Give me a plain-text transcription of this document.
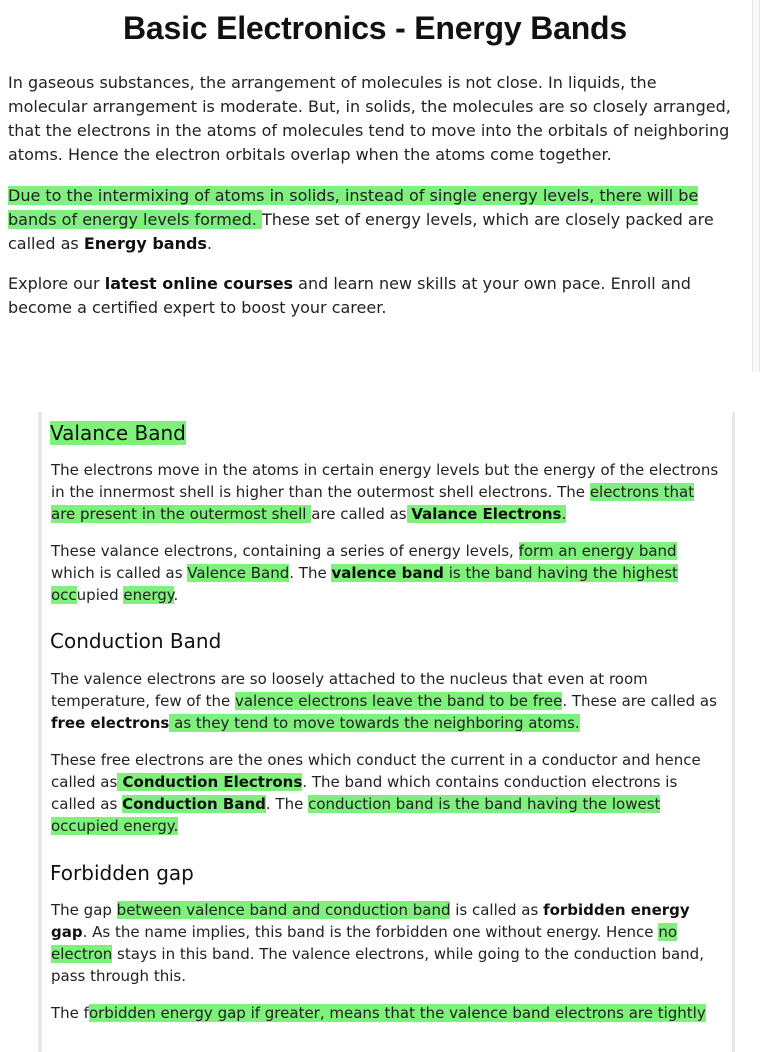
Basic Electronics - Energy Bands

In gaseous substances, the arrangement of molecules is not close. In liquids, the molecular arrangement is moderate. But, in solids, the molecules are so closely arranged, that the electrons in the atoms of molecules tend to move into the orbitals of neighboring atoms. Hence the electron orbitals overlap when the atoms come together.

Due to the intermixing of atoms in solids, instead of single energy levels, there will be bands of energy levels formed. These set of energy levels, which are closely packed are called as Energy bands.

Explore our latest online courses and learn new skills at your own pace. Enroll and become a certified expert to boost your career.

Valance Band

The electrons move in the atoms in certain energy levels but the energy of the electrons in the innermost shell is higher than the outermost shell electrons. The electrons that are present in the outermost shell are called as Valance Electrons.

These valance electrons, containing a series of energy levels, form an energy band which is called as Valence Band. The valence band is the band having the highest occupied energy.

Conduction Band

The valence electrons are so loosely attached to the nucleus that even at room temperature, few of the valence electrons leave the band to be free. These are called as free electrons as they tend to move towards the neighboring atoms.

These free electrons are the ones which conduct the current in a conductor and hence called as Conduction Electrons. The band which contains conduction electrons is called as Conduction Band. The conduction band is the band having the lowest occupied energy.

Forbidden gap

The gap between valence band and conduction band is called as forbidden energy gap. As the name implies, this band is the forbidden one without energy. Hence no electron stays in this band. The valence electrons, while going to the conduction band, pass through this.

The forbidden energy gap if greater, means that the valence band electrons are tightly
